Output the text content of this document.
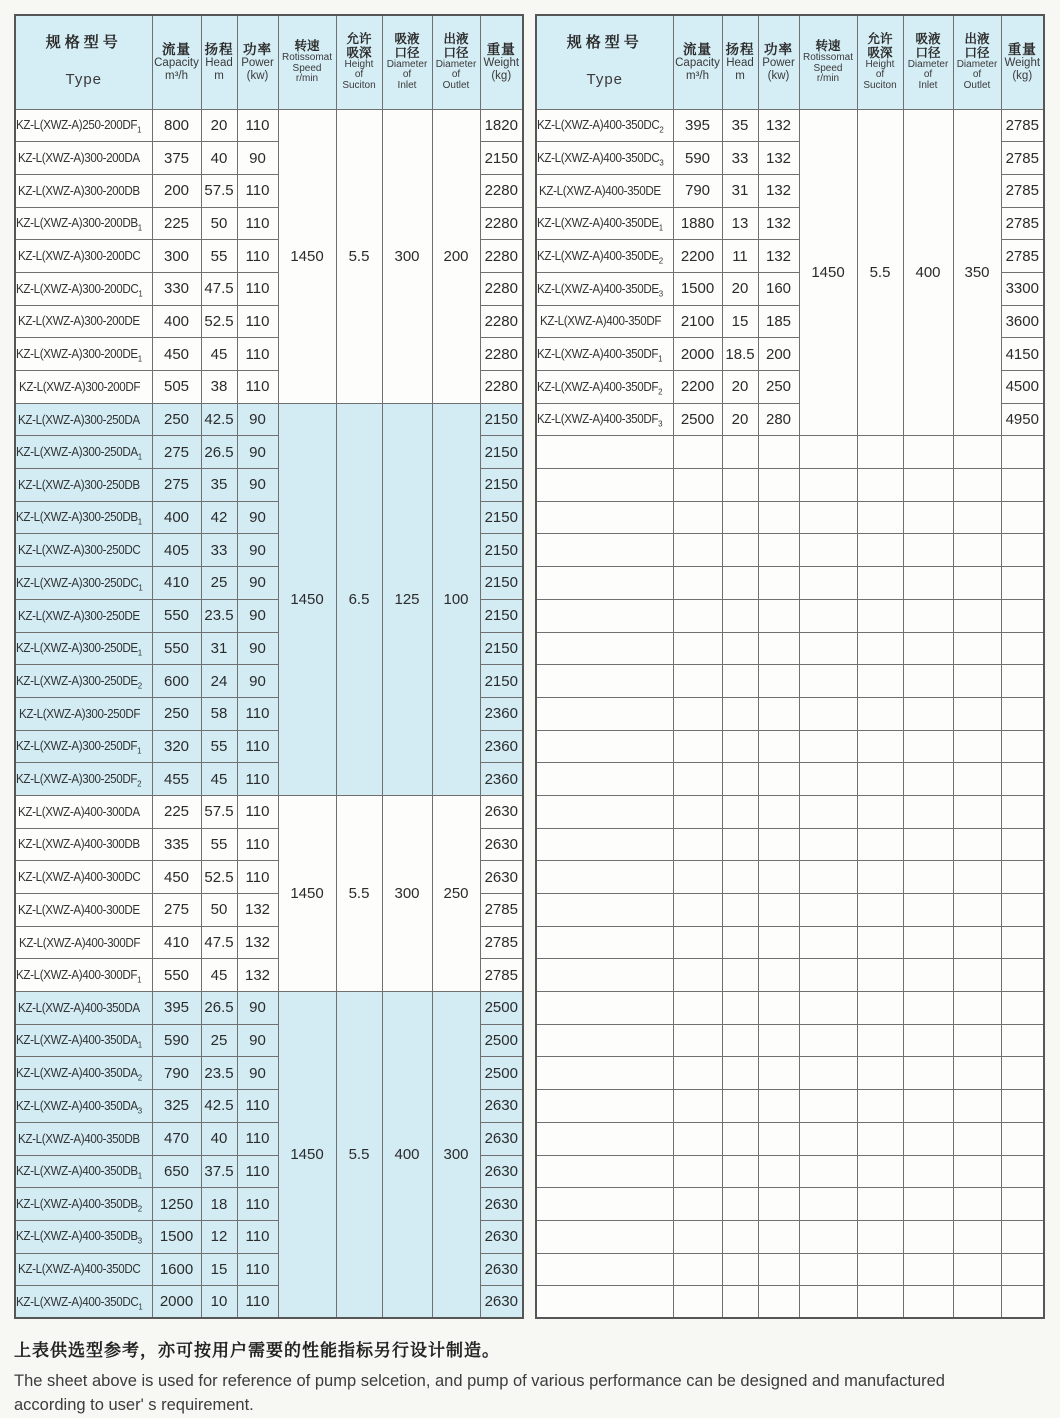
规格型号
Type

流量
Capacity
m³/h

扬程
Head
m

功率
Power
(kw)

转速
Rotissomat
Speed
r/min

允许
吸深
Height
of
Suciton

吸液
口径
Diameter
of
Inlet

出液
口径
Diameter
of
Outlet

重量
Weight
(kg)

$KZ-L(XWZ-A)250-200DF_1$	800	20	110	1450	5.5	300	200	1820
KZ-L(XWZ-A)300-200DA	375	40	90					2150
KZ-L(XWZ-A)300-200DB	200	57.5	110					2280
$KZ-L(XWZ-A)300-200DB_1$	225	50	110					2280
KZ-L(XWZ-A)300-200DC	300	55	110					2280
$KZ-L(XWZ-A)300-200DC_1$	330	47.5	110					2280
KZ-L(XWZ-A)300-200DE	400	52.5	110					2280
$KZ-L(XWZ-A)300-200DE_1$	450	45	110					2280
KZ-L(XWZ-A)300-200DF	505	38	110					2280
KZ-L(XWZ-A)300-250DA	250	42.5	90	1450	6.5	125	100	2150
$KZ-L(XWZ-A)300-250DA_1$	275	26.5	90					2150
KZ-L(XWZ-A)300-250DB	275	35	90					2150
$KZ-L(XWZ-A)300-250DB_1$	400	42	90					2150
KZ-L(XWZ-A)300-250DC	405	33	90					2150
$KZ-L(XWZ-A)300-250DC_1$	410	25	90					2150
KZ-L(XWZ-A)300-250DE	550	23.5	90					2150
$KZ-L(XWZ-A)300-250DE_1$	550	31	90					2150
$KZ-L(XWZ-A)300-250DE_2$	600	24	90					2150
KZ-L(XWZ-A)300-250DF	250	58	110					2360
$KZ-L(XWZ-A)300-250DF_1$	320	55	110					2360
$KZ-L(XWZ-A)300-250DF_2$	455	45	110					2360
KZ-L(XWZ-A)400-300DA	225	57.5	110	1450	5.5	300	250	2630
KZ-L(XWZ-A)400-300DB	335	55	110					2630
KZ-L(XWZ-A)400-300DC	450	52.5	110					2630
KZ-L(XWZ-A)400-300DE	275	50	132					2785
KZ-L(XWZ-A)400-300DF	410	47.5	132					2785
$KZ-L(XWZ-A)400-300DF_1$	550	45	132					2785
KZ-L(XWZ-A)400-350DA	395	26.5	90	1450	5.5	400	300	2500
$KZ-L(XWZ-A)400-350DA_1$	590	25	90					2500
$KZ-L(XWZ-A)400-350DA_2$	790	23.5	90					2500
$KZ-L(XWZ-A)400-350DA_3$	325	42.5	110					2630
KZ-L(XWZ-A)400-350DB	470	40	110					2630
$KZ-L(XWZ-A)400-350DB_1$	650	37.5	110					2630
$KZ-L(XWZ-A)400-350DB_2$	1250	18	110					2630
$KZ-L(XWZ-A)400-350DB_3$	1500	12	110					2630
KZ-L(XWZ-A)400-350DC	1600	15	110					2630
$KZ-L(XWZ-A)400-350DC_1$	2000	10	110					2630
规格型号
Type

流量
Capacity
m³/h

扬程
Head
m

功率
Power
(kw)

转速
Rotissomat
Speed
r/min

允许
吸深
Height
of
Suciton

吸液
口径
Diameter
of
Inlet

出液
口径
Diameter
of
Outlet

重量
Weight
(kg)

$KZ-L(XWZ-A)400-350DC_2$	395	35	132	1450	5.5	400	350	2785
$KZ-L(XWZ-A)400-350DC_3$	590	33	132					2785
KZ-L(XWZ-A)400-350DE	790	31	132					2785
$KZ-L(XWZ-A)400-350DE_1$	1880	13	132					2785
$KZ-L(XWZ-A)400-350DE_2$	2200	11	132					2785
$KZ-L(XWZ-A)400-350DE_3$	1500	20	160					3300
KZ-L(XWZ-A)400-350DF	2100	15	185					3600
$KZ-L(XWZ-A)400-350DF_1$	2000	18.5	200					4150
$KZ-L(XWZ-A)400-350DF_2$	2200	20	250					4500
$KZ-L(XWZ-A)400-350DF_3$	2500	20	280					4950

上表供选型参考，亦可按用户需要的性能指标另行设计制造。
The sheet above is used for reference of pump selcetion, and pump of various performance can be designed and manufactured
according to user' s requirement.
